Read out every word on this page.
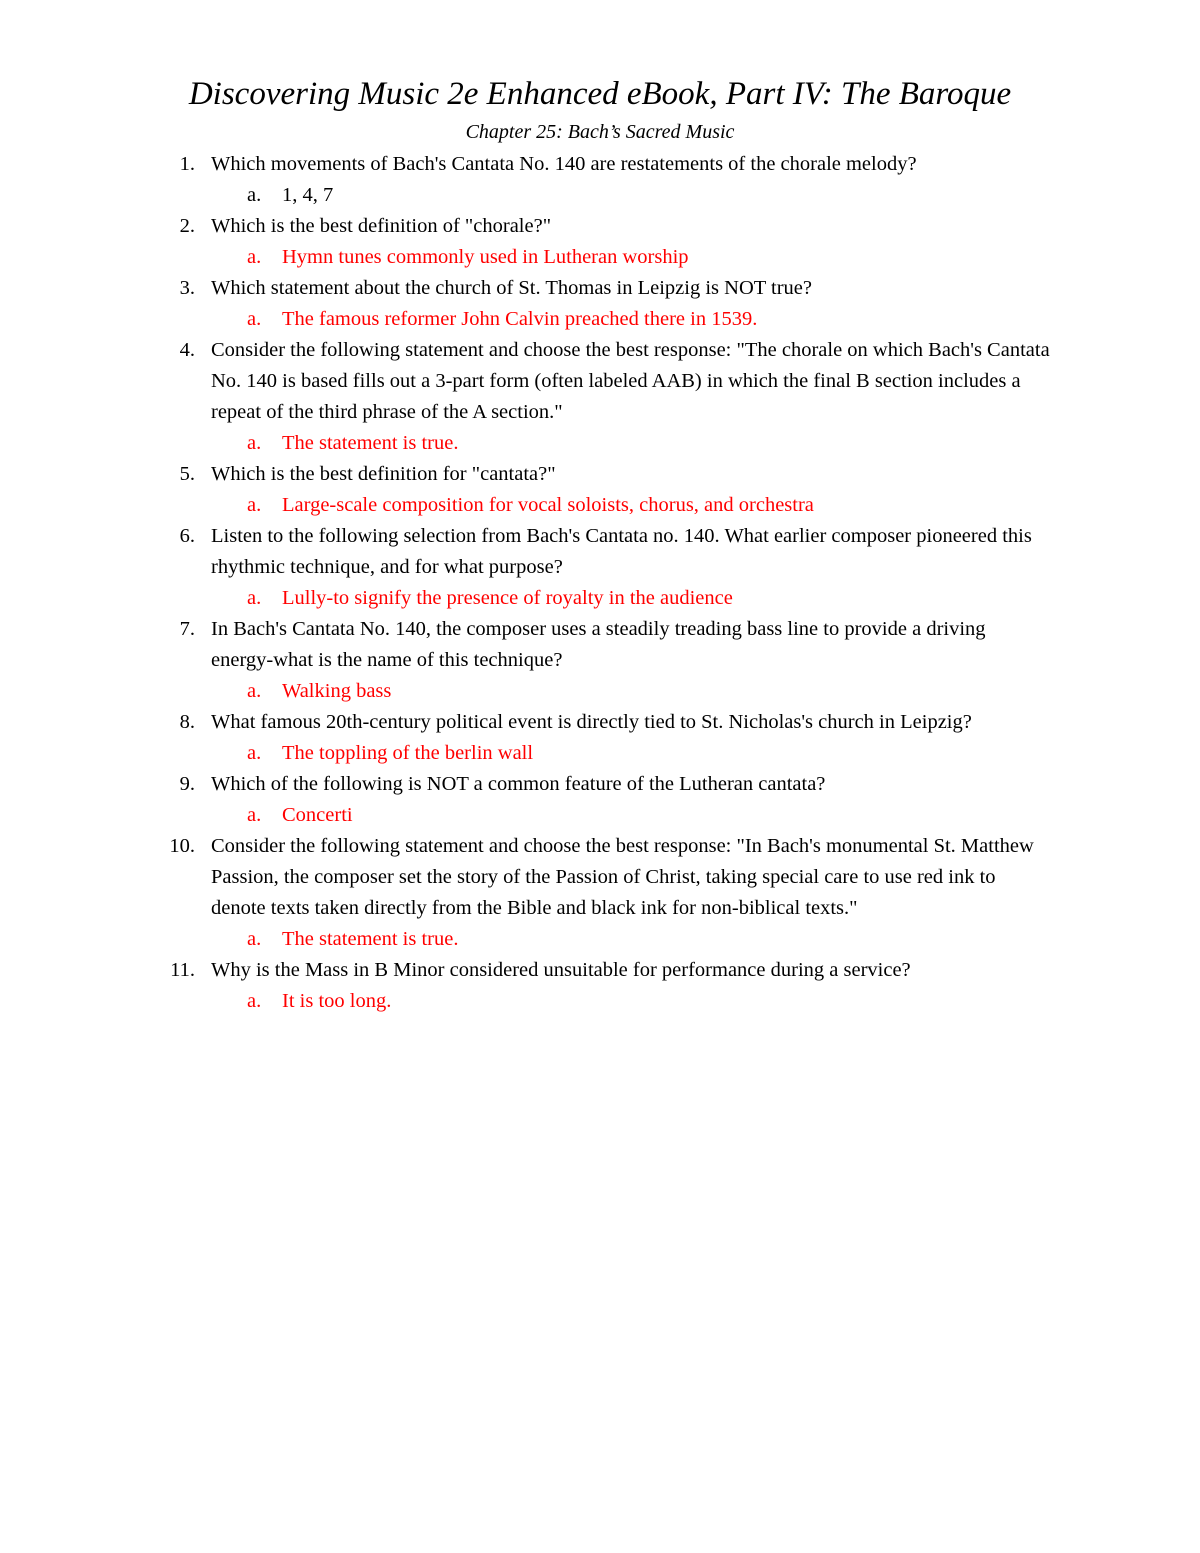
Discovering Music 2e Enhanced eBook, Part IV: The Baroque
Chapter 25: Bach’s Sacred Music
1. Which movements of Bach's Cantata No. 140 are restatements of the chorale melody?
a. 1, 4, 7
2. Which is the best definition of "chorale?"
a. Hymn tunes commonly used in Lutheran worship
3. Which statement about the church of St. Thomas in Leipzig is NOT true?
a. The famous reformer John Calvin preached there in 1539.
4. Consider the following statement and choose the best response: "The chorale on which Bach's Cantata No. 140 is based fills out a 3-part form (often labeled AAB) in which the final B section includes a repeat of the third phrase of the A section."
a. The statement is true.
5. Which is the best definition for "cantata?"
a. Large-scale composition for vocal soloists, chorus, and orchestra
6. Listen to the following selection from Bach's Cantata no. 140. What earlier composer pioneered this rhythmic technique, and for what purpose?
a. Lully-to signify the presence of royalty in the audience
7. In Bach's Cantata No. 140, the composer uses a steadily treading bass line to provide a driving energy-what is the name of this technique?
a. Walking bass
8. What famous 20th-century political event is directly tied to St. Nicholas's church in Leipzig?
a. The toppling of the berlin wall
9. Which of the following is NOT a common feature of the Lutheran cantata?
a. Concerti
10. Consider the following statement and choose the best response: "In Bach's monumental St. Matthew Passion, the composer set the story of the Passion of Christ, taking special care to use red ink to denote texts taken directly from the Bible and black ink for non-biblical texts."
a. The statement is true.
11. Why is the Mass in B Minor considered unsuitable for performance during a service?
a. It is too long.
